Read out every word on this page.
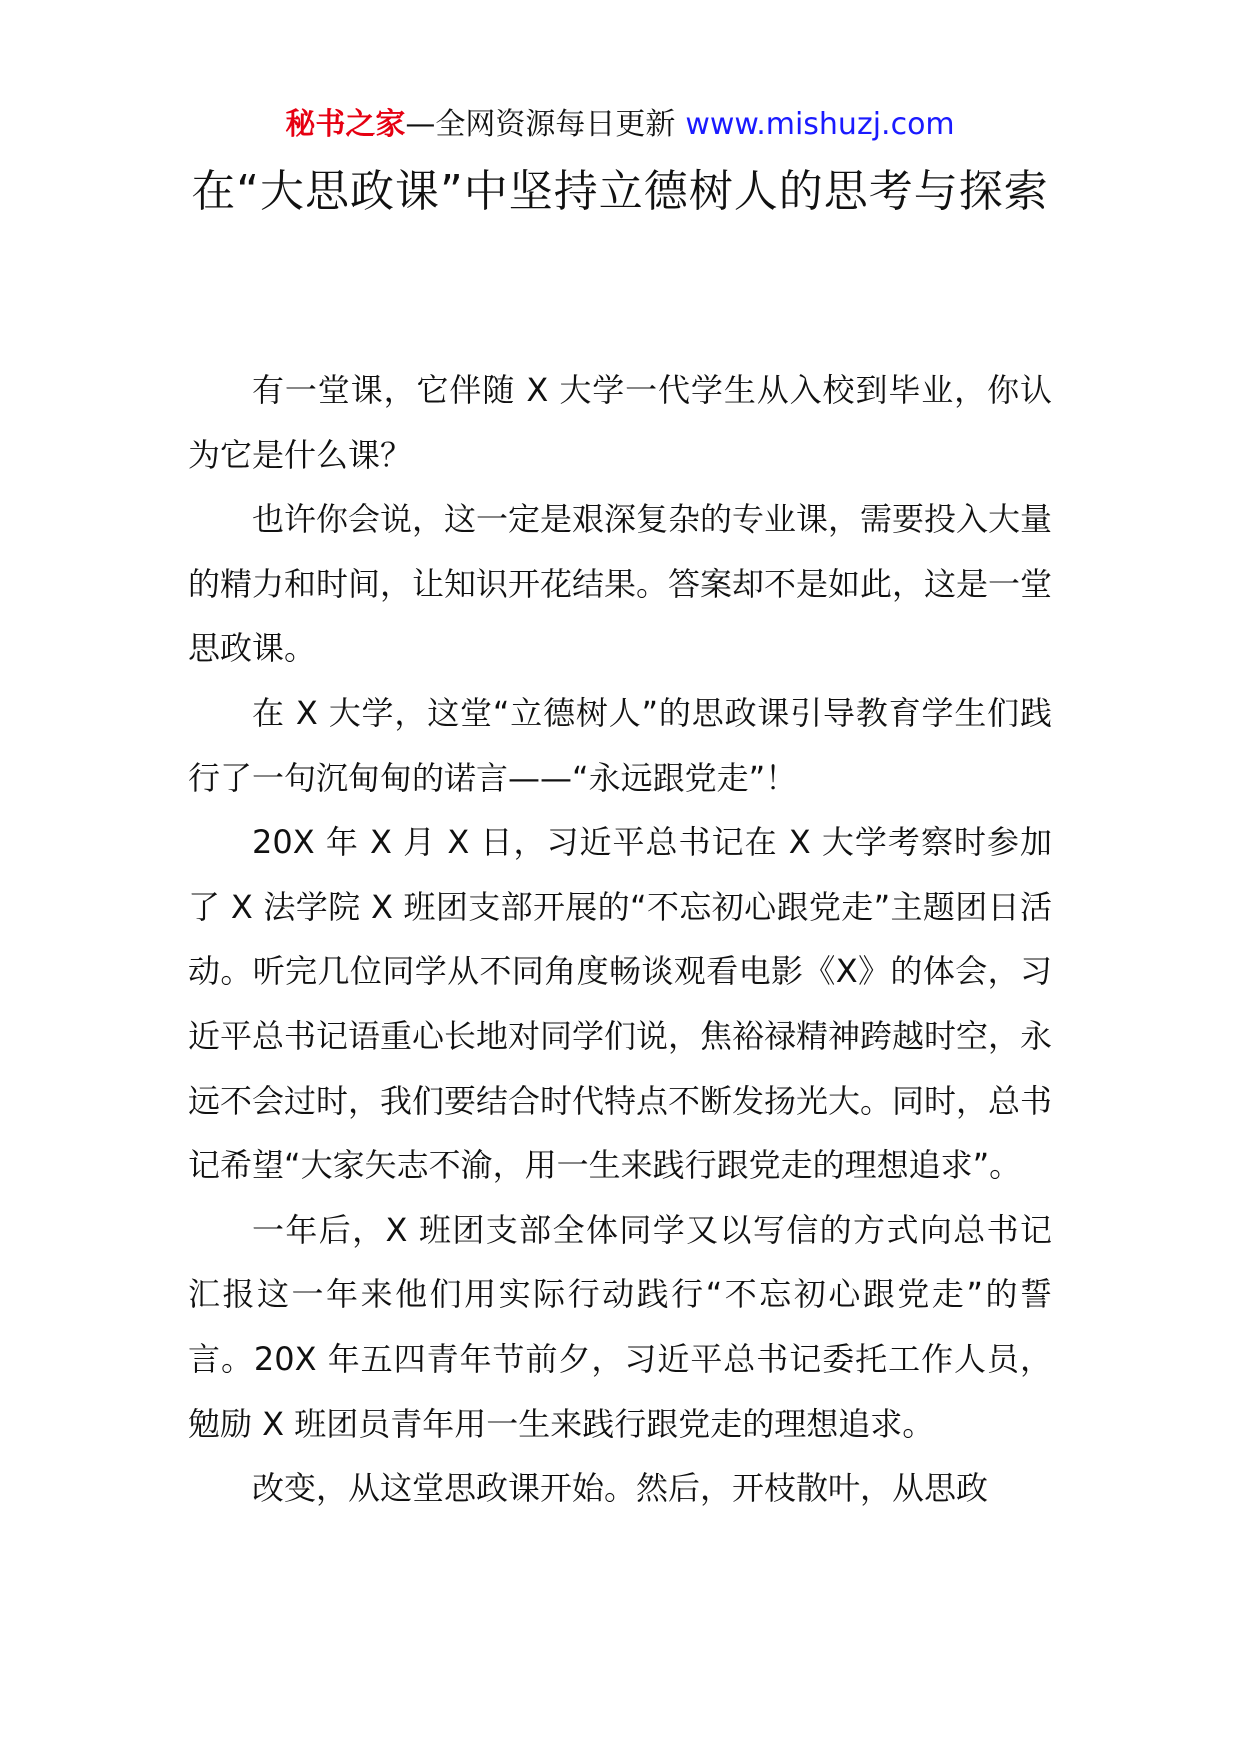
秘书之家—全网资源每日更新 www.mishuzj.com
在“大思政课”中坚持立德树人的思考与探索

有一堂课，它伴随 X 大学一代学生从入校到毕业，你认为它是什么课？

也许你会说，这一定是艰深复杂的专业课，需要投入大量的精力和时间，让知识开花结果。答案却不是如此，这是一堂思政课。

在 X 大学，这堂“立德树人”的思政课引导教育学生们践行了一句沉甸甸的诺言——“永远跟党走”！

20X 年 X 月 X 日，习近平总书记在 X 大学考察时参加了 X 法学院 X 班团支部开展的“不忘初心跟党走”主题团日活动。听完几位同学从不同角度畅谈观看电影《X》的体会，习近平总书记语重心长地对同学们说，焦裕禄精神跨越时空，永远不会过时，我们要结合时代特点不断发扬光大。同时，总书记希望“大家矢志不渝，用一生来践行跟党走的理想追求”。

一年后，X 班团支部全体同学又以写信的方式向总书记汇报这一年来他们用实际行动践行“不忘初心跟党走”的誓言。20X 年五四青年节前夕，习近平总书记委托工作人员，勉励 X 班团员青年用一生来践行跟党走的理想追求。

改变，从这堂思政课开始。然后，开枝散叶，从思政
